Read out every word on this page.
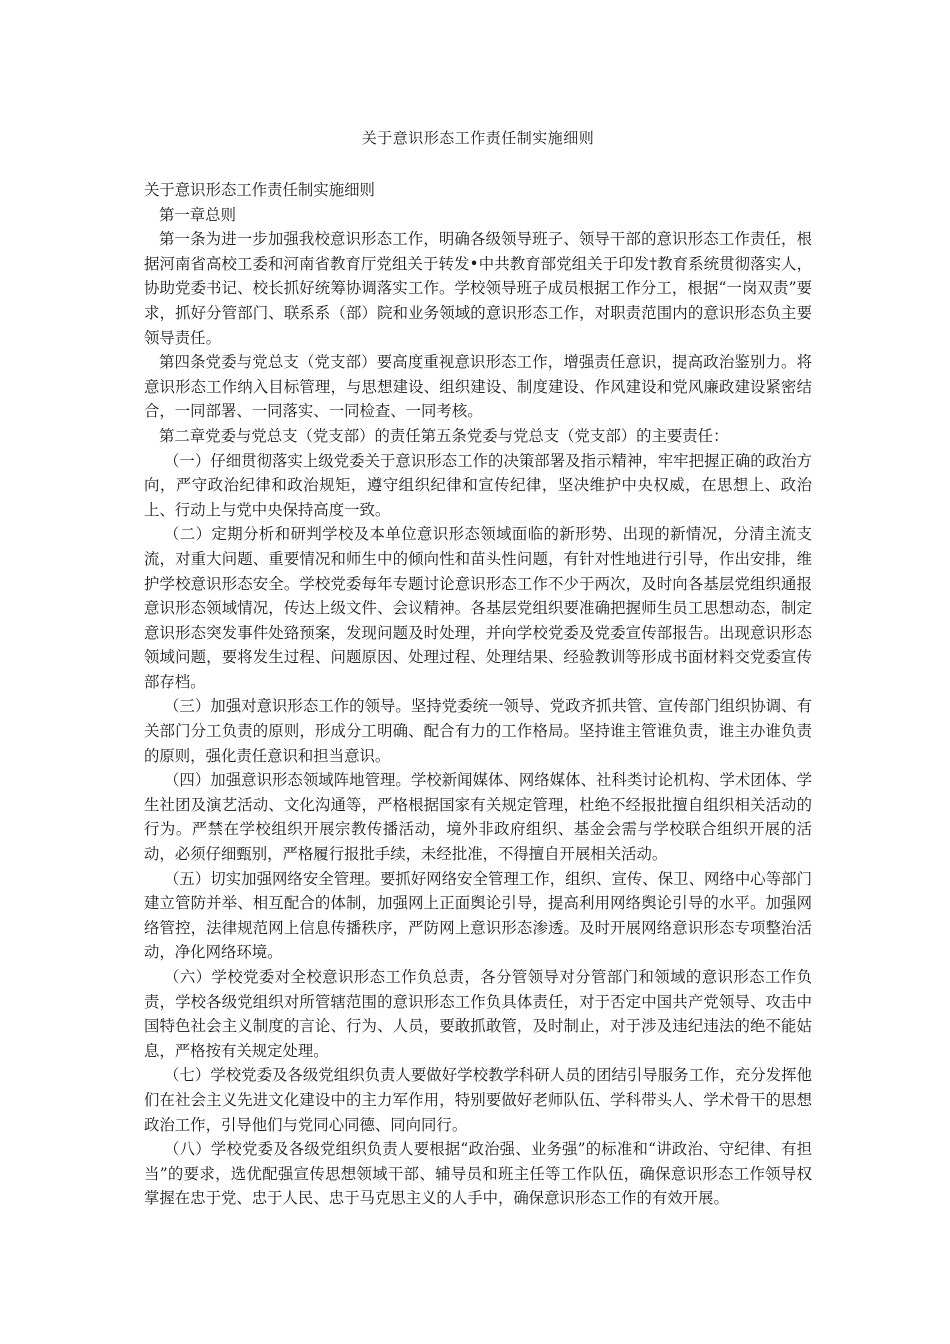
关于意识形态工作责任制实施细则

关于意识形态工作责任制实施细则

第一章总则

第一条为进一步加强我校意识形态工作，明确各级领导班子、领导干部的意识形态工作责任，根据河南省高校工委和河南省教育厅党组关于转发•中共教育部党组关于印发†教育系统贯彻落实人，协助党委书记、校长抓好统筹协调落实工作。学校领导班子成员根据工作分工，根据“一岗双责”要求，抓好分管部门、联系系（部）院和业务领域的意识形态工作，对职责范围内的意识形态负主要领导责任。

第四条党委与党总支（党支部）要高度重视意识形态工作，增强责任意识，提高政治鉴别力。将意识形态工作纳入目标管理，与思想建设、组织建设、制度建设、作风建设和党风廉政建设紧密结合，一同部署、一同落实、一同检查、一同考核。

第二章党委与党总支（党支部）的责任第五条党委与党总支（党支部）的主要责任：

（一）仔细贯彻落实上级党委关于意识形态工作的决策部署及指示精神，牢牢把握正确的政治方向，严守政治纪律和政治规矩，遵守组织纪律和宣传纪律，坚决维护中央权威，在思想上、政治上、行动上与党中央保持高度一致。

（二）定期分析和研判学校及本单位意识形态领域面临的新形势、出现的新情况，分清主流支流，对重大问题、重要情况和师生中的倾向性和苗头性问题，有针对性地进行引导，作出安排，维护学校意识形态安全。学校党委每年专题讨论意识形态工作不少于两次，及时向各基层党组织通报意识形态领域情况，传达上级文件、会议精神。各基层党组织要准确把握师生员工思想动态，制定意识形态突发事件处臵预案，发现问题及时处理，并向学校党委及党委宣传部报告。出现意识形态领域问题，要将发生过程、问题原因、处理过程、处理结果、经验教训等形成书面材料交党委宣传部存档。

（三）加强对意识形态工作的领导。坚持党委统一领导、党政齐抓共管、宣传部门组织协调、有关部门分工负责的原则，形成分工明确、配合有力的工作格局。坚持谁主管谁负责，谁主办谁负责的原则，强化责任意识和担当意识。

（四）加强意识形态领域阵地管理。学校新闻媒体、网络媒体、社科类讨论机构、学术团体、学生社团及演艺活动、文化沟通等，严格根据国家有关规定管理，杜绝不经报批擅自组织相关活动的行为。严禁在学校组织开展宗教传播活动，境外非政府组织、基金会需与学校联合组织开展的活动，必须仔细甄别，严格履行报批手续，未经批准，不得擅自开展相关活动。

（五）切实加强网络安全管理。要抓好网络安全管理工作，组织、宣传、保卫、网络中心等部门建立管防并举、相互配合的体制，加强网上正面舆论引导，提高利用网络舆论引导的水平。加强网络管控，法律规范网上信息传播秩序，严防网上意识形态渗透。及时开展网络意识形态专项整治活动，净化网络环境。

（六）学校党委对全校意识形态工作负总责，各分管领导对分管部门和领域的意识形态工作负责，学校各级党组织对所管辖范围的意识形态工作负具体责任，对于否定中国共产党领导、攻击中国特色社会主义制度的言论、行为、人员，要敢抓敢管，及时制止，对于涉及违纪违法的绝不能姑息，严格按有关规定处理。

（七）学校党委及各级党组织负责人要做好学校教学科研人员的团结引导服务工作，充分发挥他们在社会主义先进文化建设中的主力军作用，特别要做好老师队伍、学科带头人、学术骨干的思想政治工作，引导他们与党同心同德、同向同行。

（八）学校党委及各级党组织负责人要根据“政治强、业务强”的标准和“讲政治、守纪律、有担当”的要求，选优配强宣传思想领域干部、辅导员和班主任等工作队伍，确保意识形态工作领导权掌握在忠于党、忠于人民、忠于马克思主义的人手中，确保意识形态工作的有效开展。
